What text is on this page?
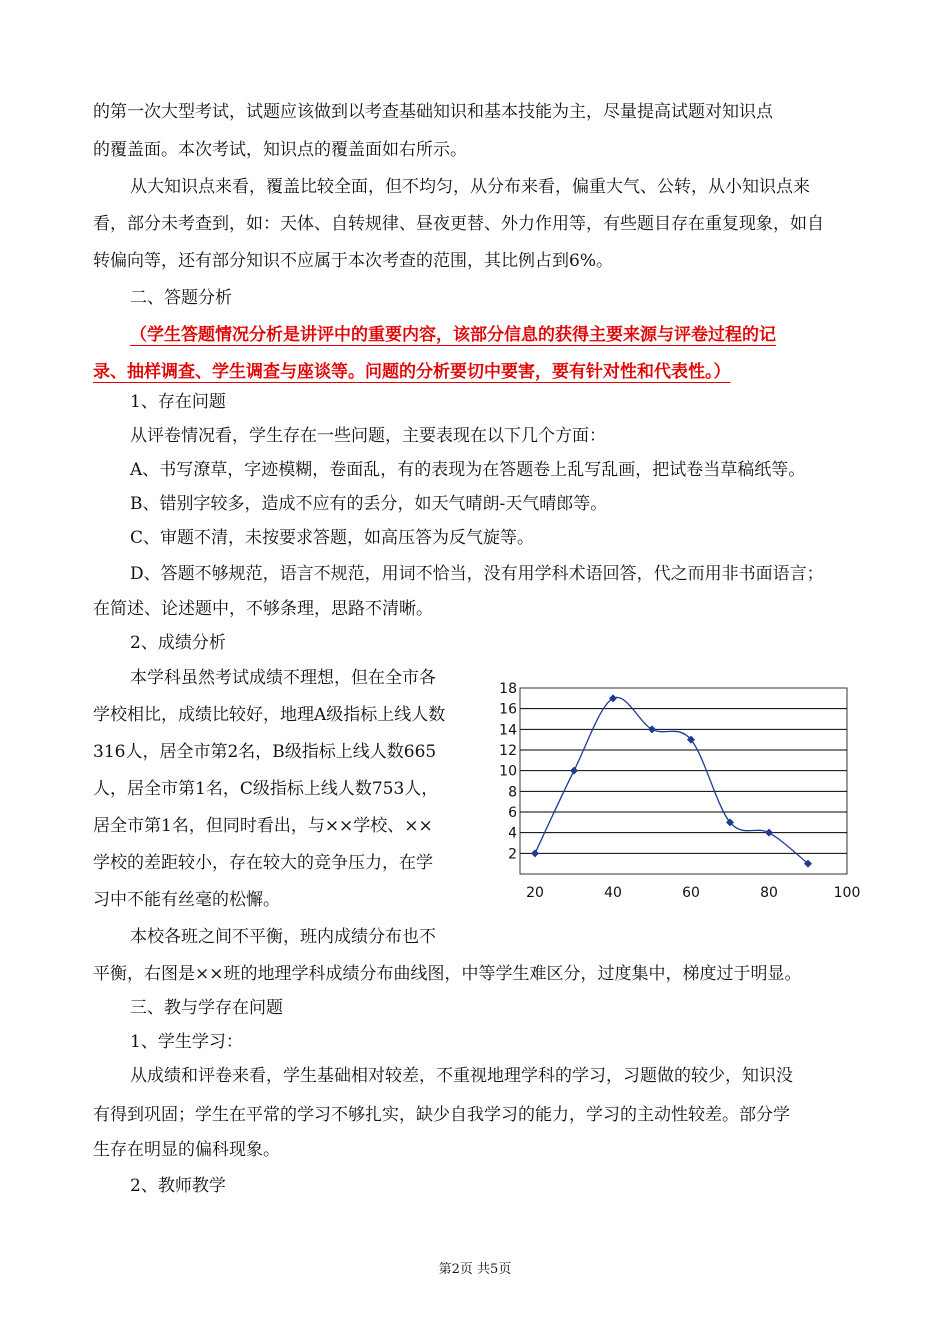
的第一次大型考试，试题应该做到以考查基础知识和基本技能为主，尽量提高试题对知识点
的覆盖面。本次考试，知识点的覆盖面如右所示。
从大知识点来看，覆盖比较全面，但不均匀，从分布来看，偏重大气、公转，从小知识点来
看，部分未考查到，如：天体、自转规律、昼夜更替、外力作用等，有些题目存在重复现象，如自
转偏向等，还有部分知识不应属于本次考查的范围，其比例占到6%。
二、答题分析
（学生答题情况分析是讲评中的重要内容，该部分信息的获得主要来源与评卷过程的记
录、抽样调查、学生调查与座谈等。问题的分析要切中要害，要有针对性和代表性。）
1、存在问题
从评卷情况看，学生存在一些问题，主要表现在以下几个方面：
A、书写潦草，字迹模糊，卷面乱，有的表现为在答题卷上乱写乱画，把试卷当草稿纸等。
B、错别字较多，造成不应有的丢分，如天气晴朗-天气晴郎等。
C、审题不清，未按要求答题，如高压答为反气旋等。
D、答题不够规范，语言不规范，用词不恰当，没有用学科术语回答，代之而用非书面语言；
在简述、论述题中，不够条理，思路不清晰。
2、成绩分析
本学科虽然考试成绩不理想，但在全市各
学校相比，成绩比较好，地理A级指标上线人数
316人，居全市第2名，B级指标上线人数665
人，居全市第1名，C级指标上线人数753人，
居全市第1名，但同时看出，与××学校、××
学校的差距较小，存在较大的竞争压力，在学
习中不能有丝毫的松懈。
本校各班之间不平衡，班内成绩分布也不
平衡，右图是××班的地理学科成绩分布曲线图，中等学生难区分，过度集中，梯度过于明显。
三、教与学存在问题
1、学生学习：
从成绩和评卷来看，学生基础相对较差，不重视地理学科的学习，习题做的较少，知识没
有得到巩固；学生在平常的学习不够扎实，缺少自我学习的能力，学习的主动性较差。部分学
生存在明显的偏科现象。
2、教师教学
2
4
6
8
10
12
14
16
18
20	40	60	80	100
第2页 共5页
